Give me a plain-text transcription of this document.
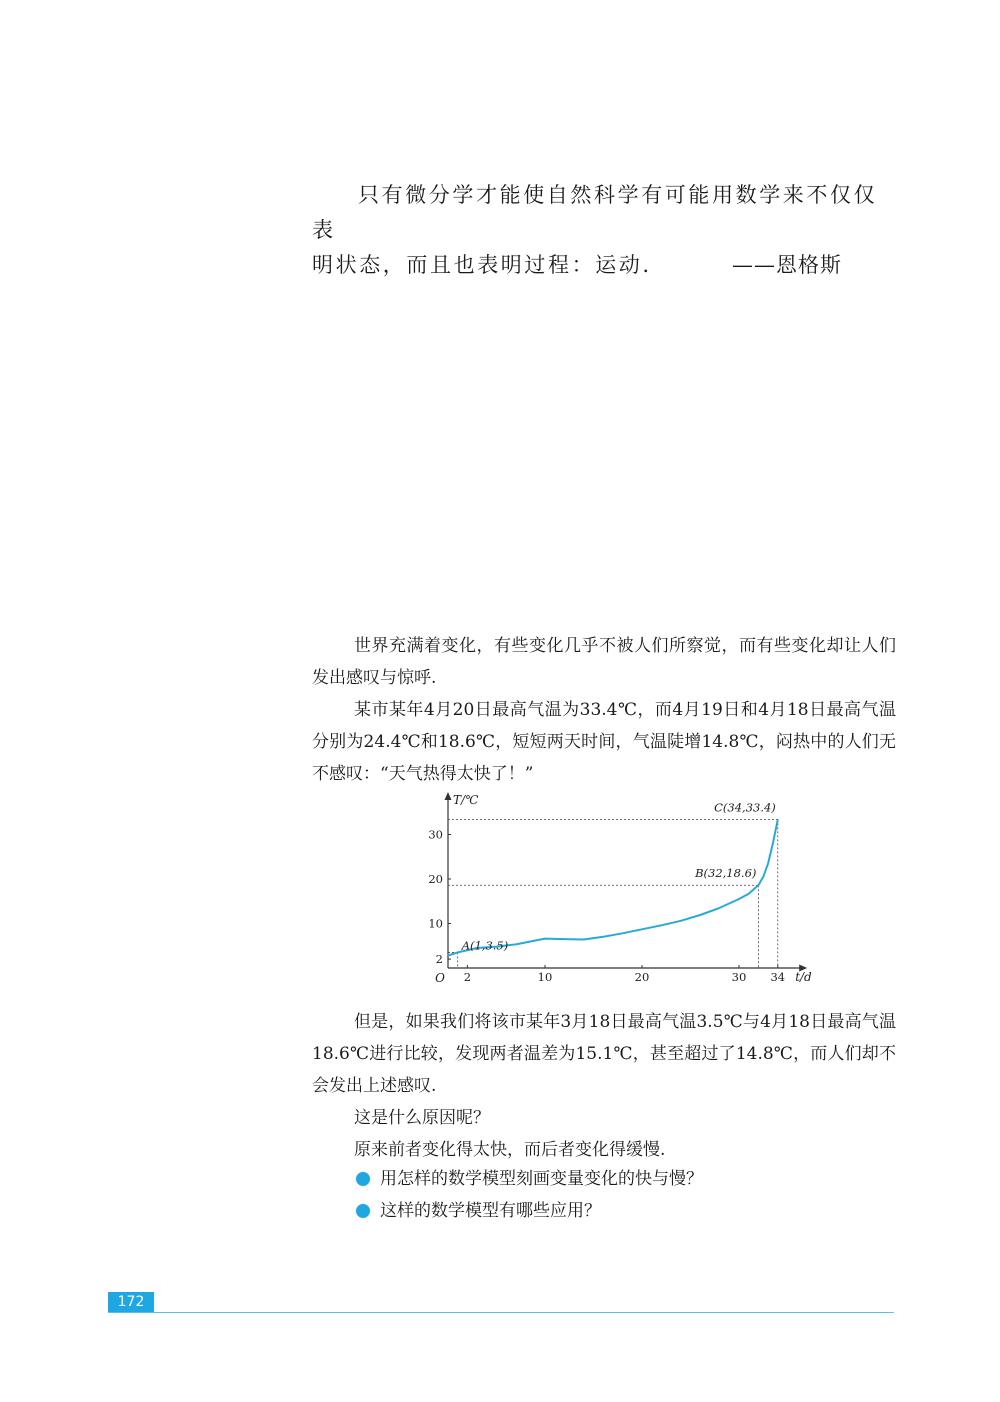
只有微分学才能使自然科学有可能用数学来不仅仅表
明状态，而且也表明过程：运动.	——恩格斯

世界充满着变化，有些变化几乎不被人们所察觉，而有些变化却让人们发出感叹与惊呼.

某市某年4月20日最高气温为33.4℃，而4月19日和4月18日最高气温分别为24.4℃和18.6℃，短短两天时间，气温陡增14.8℃，闷热中的人们无不感叹：“天气热得太快了！”

T/℃
t/d
O 2	10	20	30 34
2
10
20
30
A(1,3.5)
B(32,18.6)
C(34,33.4)

但是，如果我们将该市某年3月18日最高气温3.5℃与4月18日最高气温18.6℃进行比较，发现两者温差为15.1℃，甚至超过了14.8℃，而人们却不会发出上述感叹.

这是什么原因呢？

原来前者变化得太快，而后者变化得缓慢.

用怎样的数学模型刻画变量变化的快与慢？
这样的数学模型有哪些应用？
172
